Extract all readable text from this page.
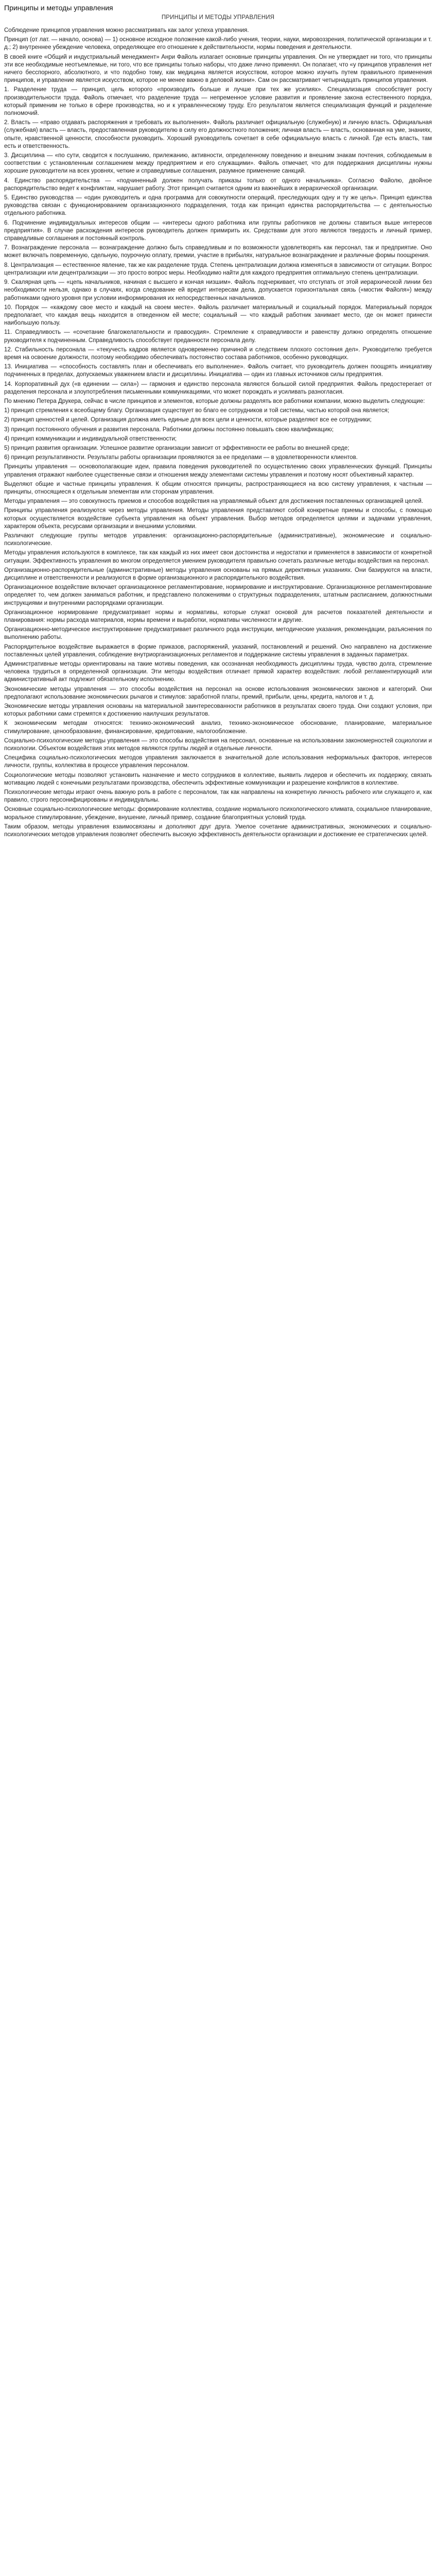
Принципы и методы управления
ПРИНЦИПЫ И МЕТОДЫ УПРАВЛЕНИЯ

Соблюдение принципов управления можно рассматривать как залог успеха управления.

Принцип (от лат. — начало, основа) — 1) основное исходное положение какой-либо учения, теории, науки, мировоззрения, политической организации и т. д.; 2) внутреннее убеждение человека, определяющее его отношение к действительности, нормы поведения и деятельности.

В своей книге «Общий и индустриальный менеджмент» Анри Файоль излагает основные принципы управления. Он не утверждает ни того, что принципы эти все необходимые неотъемлемые, ни того, что все принципы только наборы, что даже лично применял. Он полагает, что «у принципов управления нет ничего бесспорного, абсолютного, и что подобно тому, как медицина является искусством, которое можно изучить путем правильного применения принципов, и управление является искусством, которое не менее важно в деловой жизни». Сам он рассматривает четырнадцать принципов управления.

1. Разделение труда — принцип, цель которого «производить больше и лучше при тех же усилиях». Специализация способствует росту производительности труда. Файоль отмечает, что разделение труда — непременное условие развития и проявление закона естественного порядка, который применим не только в сфере производства, но и к управленческому труду. Его результатом является специализация функций и разделение полномочий.

2. Власть — «право отдавать распоряжения и требовать их выполнения». Файоль различает официальную (служебную) и личную власть. Официальная (служебная) власть — власть, предоставленная руководителю в силу его должностного положения; личная власть — власть, основанная на уме, знаниях, опыте, нравственной ценности, способности руководить. Хороший руководитель сочетает в себе официальную власть с личной. Где есть власть, там есть и ответственность.

3. Дисциплина — «по сути, сводится к послушанию, прилежанию, активности, определенному поведению и внешним знакам почтения, соблюдаемым в соответствии с установленным соглашением между предприятием и его служащими». Файоль отмечает, что для поддержания дисциплины нужны хорошие руководители на всех уровнях, четкие и справедливые соглашения, разумное применение санкций.

4. Единство распорядительства — «подчиненный должен получать приказы только от одного начальника». Согласно Файолю, двойное распорядительство ведет к конфликтам, нарушает работу. Этот принцип считается одним из важнейших в иерархической организации.

5. Единство руководства — «один руководитель и одна программа для совокупности операций, преследующих одну и ту же цель». Принцип единства руководства связан с функционированием организационного подразделения, тогда как принцип единства распорядительства — с деятельностью отдельного работника.

6. Подчинение индивидуальных интересов общим — «интересы одного работника или группы работников не должны ставиться выше интересов предприятия». В случае расхождения интересов руководитель должен примирить их. Средствами для этого являются твердость и личный пример, справедливые соглашения и постоянный контроль.

7. Вознаграждение персонала — вознаграждение должно быть справедливым и по возможности удовлетворять как персонал, так и предприятие. Оно может включать повременную, сдельную, поурочную оплату, премии, участие в прибылях, натуральное вознаграждение и различные формы поощрения.

8. Централизация — естественное явление, так же как разделение труда. Степень централизации должна изменяться в зависимости от ситуации. Вопрос централизации или децентрализации — это просто вопрос меры. Необходимо найти для каждого предприятия оптимальную степень централизации.

9. Скалярная цепь — «цепь начальников, начиная с высшего и кончая низшим». Файоль подчеркивает, что отступать от этой иерархической линии без необходимости нельзя, однако в случаях, когда следование ей вредит интересам дела, допускается горизонтальная связь («мостик Файоля») между работниками одного уровня при условии информирования их непосредственных начальников.

10. Порядок — «каждому свое место и каждый на своем месте». Файоль различает материальный и социальный порядок. Материальный порядок предполагает, что каждая вещь находится в отведенном ей месте; социальный — что каждый работник занимает место, где он может принести наибольшую пользу.

11. Справедливость — «сочетание благожелательности и правосудия». Стремление к справедливости и равенству должно определять отношение руководителя к подчиненным. Справедливость способствует преданности персонала делу.

12. Стабильность персонала — «текучесть кадров является одновременно причиной и следствием плохого состояния дел». Руководителю требуется время на освоение должности, поэтому необходимо обеспечивать постоянство состава работников, особенно руководящих.

13. Инициатива — «способность составлять план и обеспечивать его выполнение». Файоль считает, что руководитель должен поощрять инициативу подчиненных в пределах, допускаемых уважением власти и дисциплины. Инициатива — один из главных источников силы предприятия.

14. Корпоративный дух («в единении — сила») — гармония и единство персонала являются большой силой предприятия. Файоль предостерегает от разделения персонала и злоупотребления письменными коммуникациями, что может порождать и усиливать разногласия.

По мнению Петера Друкера, сейчас в числе принципов и элементов, которые должны разделять все работники компании, можно выделить следующие:

1) принцип стремления к всеобщему благу. Организация существует во благо ее сотрудников и той системы, частью которой она является;

2) принцип ценностей и целей. Организация должна иметь единые для всех цели и ценности, которые разделяют все ее сотрудники;

3) принцип постоянного обучения и развития персонала. Работники должны постоянно повышать свою квалификацию;

4) принцип коммуникации и индивидуальной ответственности;

5) принцип развития организации. Успешное развитие организации зависит от эффективности ее работы во внешней среде;

6) принцип результативности. Результаты работы организации проявляются за ее пределами — в удовлетворенности клиентов.

Принципы управления — основополагающие идеи, правила поведения руководителей по осуществлению своих управленческих функций. Принципы управления отражают наиболее существенные связи и отношения между элементами системы управления и поэтому носят объективный характер.

Выделяют общие и частные принципы управления. К общим относятся принципы, распространяющиеся на всю систему управления, к частным — принципы, относящиеся к отдельным элементам или сторонам управления.

Методы управления — это совокупность приемов и способов воздействия на управляемый объект для достижения поставленных организацией целей.

Принципы управления реализуются через методы управления. Методы управления представляют собой конкретные приемы и способы, с помощью которых осуществляется воздействие субъекта управления на объект управления. Выбор методов определяется целями и задачами управления, характером объекта, ресурсами организации и внешними условиями.

Различают следующие группы методов управления: организационно-распорядительные (административные), экономические и социально-психологические.

Методы управления используются в комплексе, так как каждый из них имеет свои достоинства и недостатки и применяется в зависимости от конкретной ситуации. Эффективность управления во многом определяется умением руководителя правильно сочетать различные методы воздействия на персонал.

Организационно-распорядительные (административные) методы управления основаны на прямых директивных указаниях. Они базируются на власти, дисциплине и ответственности и реализуются в форме организационного и распорядительного воздействия.

Организационное воздействие включает организационное регламентирование, нормирование и инструктирование. Организационное регламентирование определяет то, чем должен заниматься работник, и представлено положениями о структурных подразделениях, штатным расписанием, должностными инструкциями и внутренними распорядками организации.

Организационное нормирование предусматривает нормы и нормативы, которые служат основой для расчетов показателей деятельности и планирования: нормы расхода материалов, нормы времени и выработки, нормативы численности и другие.

Организационно-методическое инструктирование предусматривает различного рода инструкции, методические указания, рекомендации, разъяснения по выполнению работы.

Распорядительное воздействие выражается в форме приказов, распоряжений, указаний, постановлений и решений. Оно направлено на достижение поставленных целей управления, соблюдение внутриорганизационных регламентов и поддержание системы управления в заданных параметрах.

Административные методы ориентированы на такие мотивы поведения, как осознанная необходимость дисциплины труда, чувство долга, стремление человека трудиться в определенной организации. Эти методы воздействия отличает прямой характер воздействия: любой регламентирующий или административный акт подлежит обязательному исполнению.

Экономические методы управления — это способы воздействия на персонал на основе использования экономических законов и категорий. Они предполагают использование экономических рычагов и стимулов: заработной платы, премий, прибыли, цены, кредита, налогов и т. д.

Экономические методы управления основаны на материальной заинтересованности работников в результатах своего труда. Они создают условия, при которых работники сами стремятся к достижению наилучших результатов.

К экономическим методам относятся: технико-экономический анализ, технико-экономическое обоснование, планирование, материальное стимулирование, ценообразование, финансирование, кредитование, налогообложение.

Социально-психологические методы управления — это способы воздействия на персонал, основанные на использовании закономерностей социологии и психологии. Объектом воздействия этих методов являются группы людей и отдельные личности.

Специфика социально-психологических методов управления заключается в значительной доле использования неформальных факторов, интересов личности, группы, коллектива в процессе управления персоналом.

Социологические методы позволяют установить назначение и место сотрудников в коллективе, выявить лидеров и обеспечить их поддержку, связать мотивацию людей с конечными результатами производства, обеспечить эффективные коммуникации и разрешение конфликтов в коллективе.

Психологические методы играют очень важную роль в работе с персоналом, так как направлены на конкретную личность рабочего или служащего и, как правило, строго персонифицированы и индивидуальны.

Основные социально-психологические методы: формирование коллектива, создание нормального психологического климата, социальное планирование, моральное стимулирование, убеждение, внушение, личный пример, создание благоприятных условий труда.

Таким образом, методы управления взаимосвязаны и дополняют друг друга. Умелое сочетание административных, экономических и социально-психологических методов управления позволяет обеспечить высокую эффективность деятельности организации и достижение ее стратегических целей.
